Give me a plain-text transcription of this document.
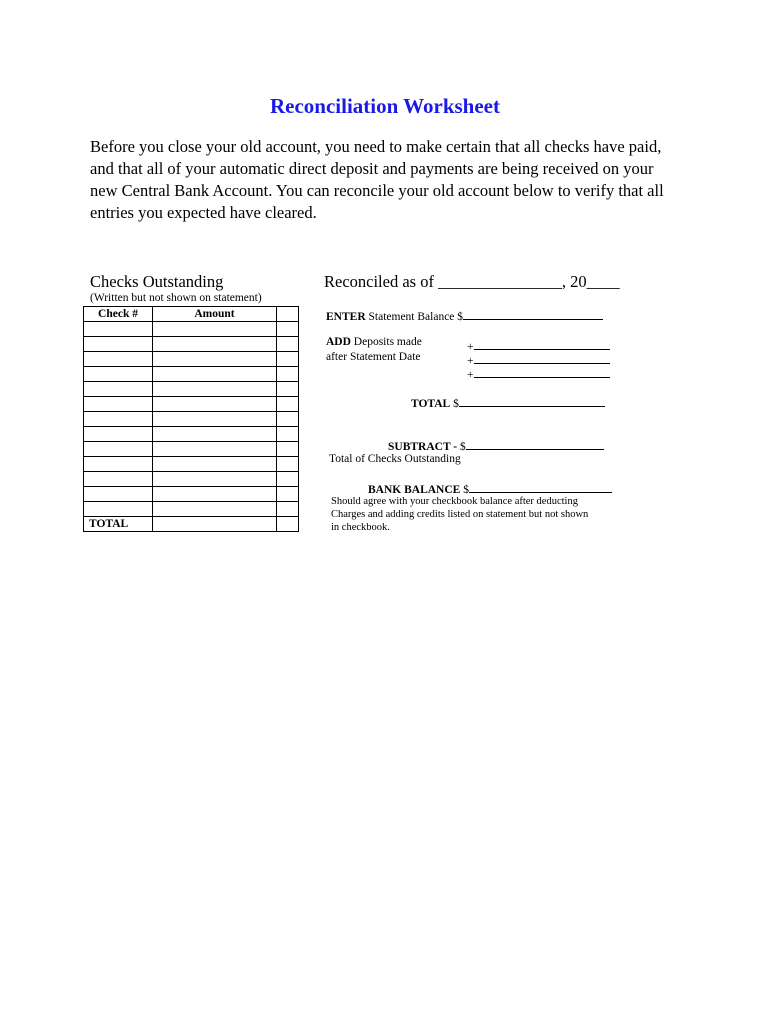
Reconciliation Worksheet
Before you close your old account, you need to make certain that all checks have paid,
and that all of your automatic direct deposit and payments are being received on your
new Central Bank Account. You can reconcile your old account below to verify that all
entries you expected have cleared.
Checks Outstanding
(Written but not shown on statement)
Reconciled as of _______________, 20____
Check #	Amount	

TOTAL		
ENTER Statement Balance $
ADD Deposits made
after Statement Date
+
+
+
TOTAL $
SUBTRACT - $
Total of Checks Outstanding
BANK BALANCE $
Should agree with your checkbook balance after deducting
Charges and adding credits listed on statement but not shown
in checkbook.
